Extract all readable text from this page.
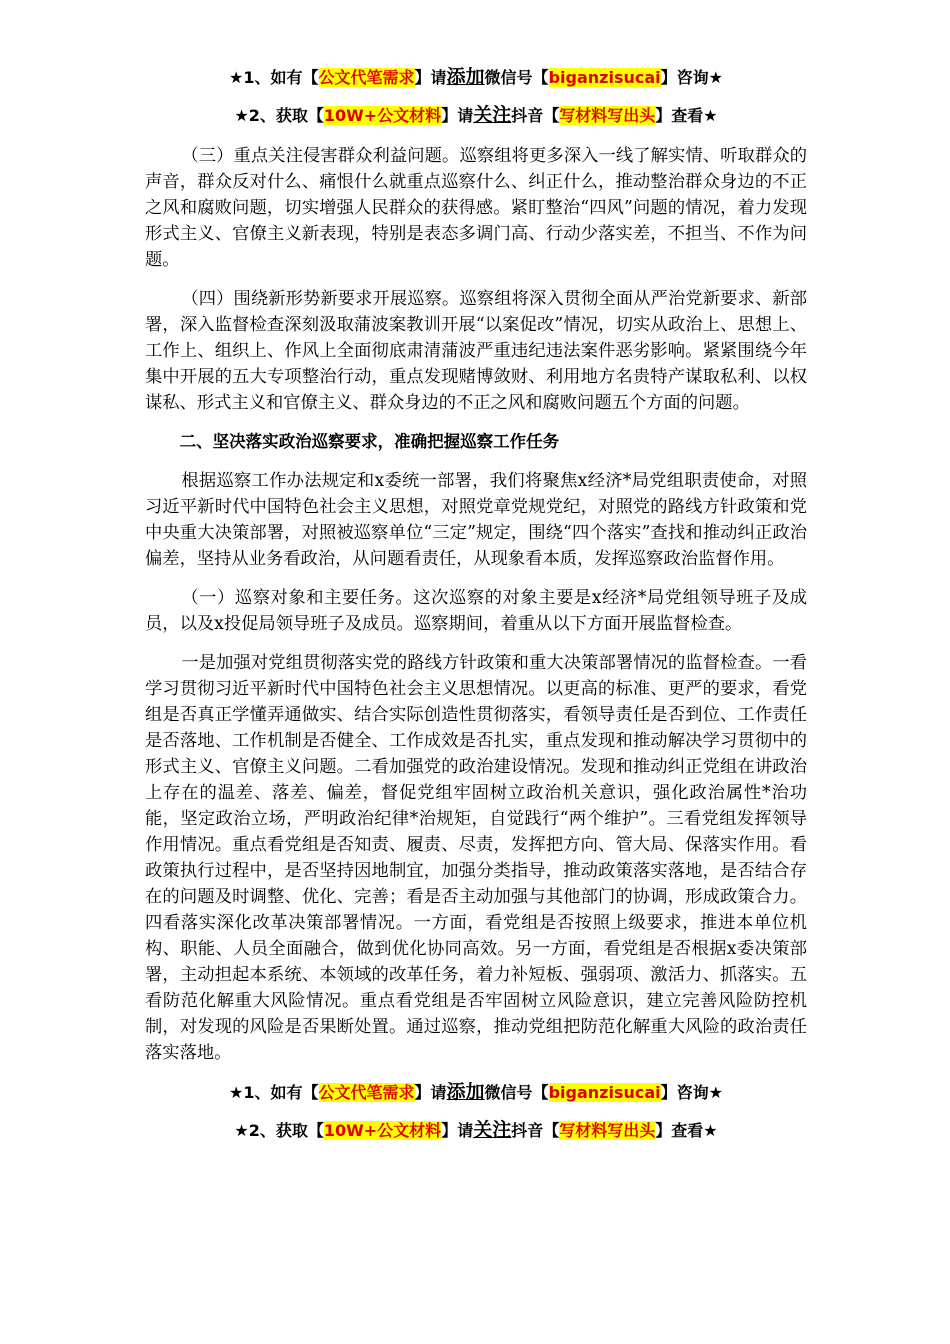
★1、如有【公文代笔需求】请添加微信号【biganzisucai】咨询★

★2、获取【10W+公文材料】请关注抖音【写材料写出头】查看★

（三）重点关注侵害群众利益问题。巡察组将更多深入一线了解实情、听取群众的声音，群众反对什么、痛恨什么就重点巡察什么、纠正什么，推动整治群众身边的不正之风和腐败问题，切实增强人民群众的获得感。紧盯整治“四风”问题的情况，着力发现形式主义、官僚主义新表现，特别是表态多调门高、行动少落实差，不担当、不作为问题。

（四）围绕新形势新要求开展巡察。巡察组将深入贯彻全面从严治党新要求、新部署，深入监督检查深刻汲取蒲波案教训开展“以案促改”情况，切实从政治上、思想上、工作上、组织上、作风上全面彻底肃清蒲波严重违纪违法案件恶劣影响。紧紧围绕今年集中开展的五大专项整治行动，重点发现赌博敛财、利用地方名贵特产谋取私利、以权谋私、形式主义和官僚主义、群众身边的不正之风和腐败问题五个方面的问题。

二、坚决落实政治巡察要求，准确把握巡察工作任务

根据巡察工作办法规定和x委统一部署，我们将聚焦x经济*局党组职责使命，对照习近平新时代中国特色社会主义思想，对照党章党规党纪，对照党的路线方针政策和党中央重大决策部署，对照被巡察单位“三定”规定，围绕“四个落实”查找和推动纠正政治偏差，坚持从业务看政治，从问题看责任，从现象看本质，发挥巡察政治监督作用。

（一）巡察对象和主要任务。这次巡察的对象主要是x经济*局党组领导班子及成员，以及x投促局领导班子及成员。巡察期间，着重从以下方面开展监督检查。

一是加强对党组贯彻落实党的路线方针政策和重大决策部署情况的监督检查。一看学习贯彻习近平新时代中国特色社会主义思想情况。以更高的标准、更严的要求，看党组是否真正学懂弄通做实、结合实际创造性贯彻落实，看领导责任是否到位、工作责任是否落地、工作机制是否健全、工作成效是否扎实，重点发现和推动解决学习贯彻中的形式主义、官僚主义问题。二看加强党的政治建设情况。发现和推动纠正党组在讲政治上存在的温差、落差、偏差，督促党组牢固树立政治机关意识，强化政治属性*治功能，坚定政治立场，严明政治纪律*治规矩，自觉践行“两个维护”。三看党组发挥领导作用情况。重点看党组是否知责、履责、尽责，发挥把方向、管大局、保落实作用。看政策执行过程中，是否坚持因地制宜，加强分类指导，推动政策落实落地，是否结合存在的问题及时调整、优化、完善；看是否主动加强与其他部门的协调，形成政策合力。四看落实深化改革决策部署情况。一方面，看党组是否按照上级要求，推进本单位机构、职能、人员全面融合，做到优化协同高效。另一方面，看党组是否根据x委决策部署，主动担起本系统、本领域的改革任务，着力补短板、强弱项、激活力、抓落实。五看防范化解重大风险情况。重点看党组是否牢固树立风险意识，建立完善风险防控机制，对发现的风险是否果断处置。通过巡察，推动党组把防范化解重大风险的政治责任落实落地。

★1、如有【公文代笔需求】请添加微信号【biganzisucai】咨询★

★2、获取【10W+公文材料】请关注抖音【写材料写出头】查看★
